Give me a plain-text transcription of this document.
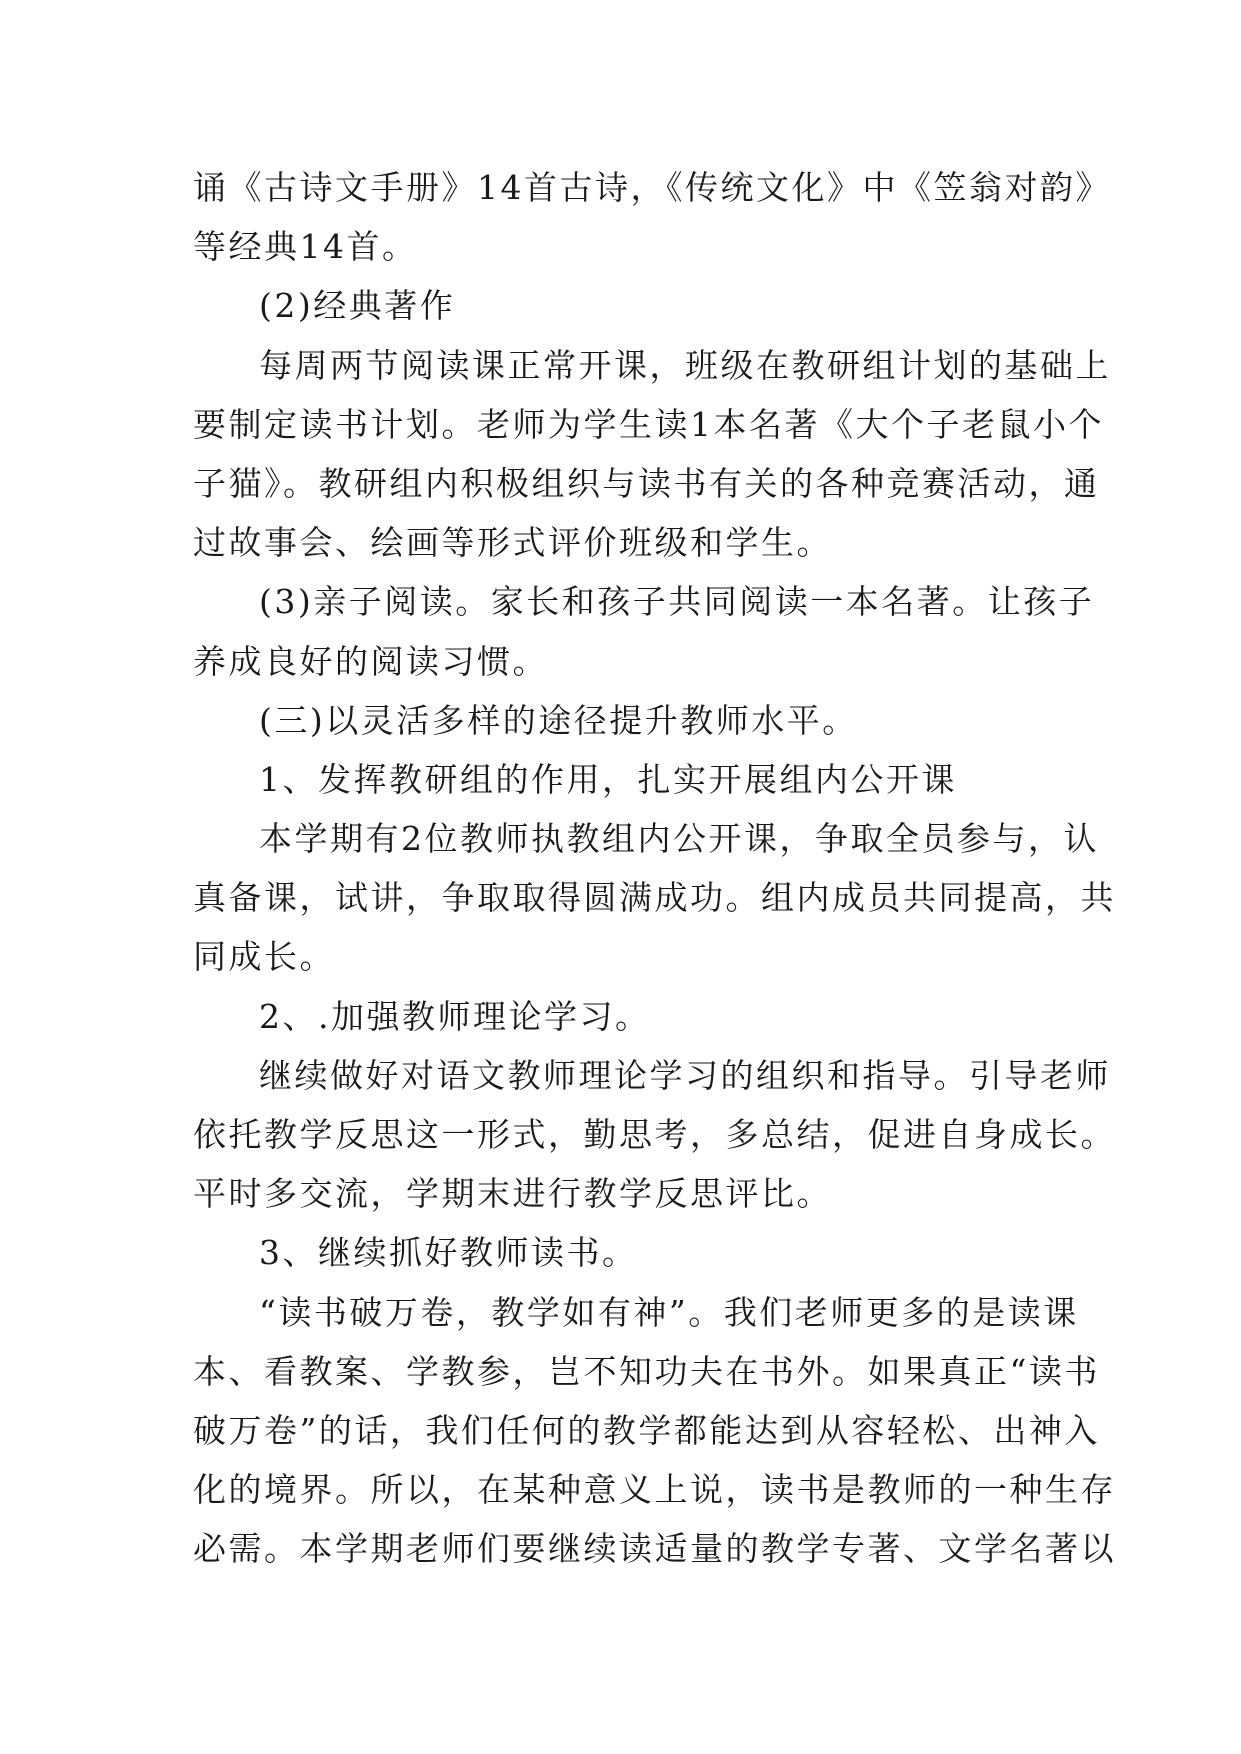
诵《古诗文手册》14首古诗，《传统文化》中《笠翁对韵》
等经典14首。
(2)经典著作
每周两节阅读课正常开课，班级在教研组计划的基础上
要制定读书计划。老师为学生读1本名著《大个子老鼠小个
子猫》。教研组内积极组织与读书有关的各种竞赛活动，通
过故事会、绘画等形式评价班级和学生。
(3)亲子阅读。家长和孩子共同阅读一本名著。让孩子
养成良好的阅读习惯。
(三)以灵活多样的途径提升教师水平。
1、发挥教研组的作用，扎实开展组内公开课
本学期有2位教师执教组内公开课，争取全员参与，认
真备课，试讲，争取取得圆满成功。组内成员共同提高，共
同成长。
2、.加强教师理论学习。
继续做好对语文教师理论学习的组织和指导。引导老师
依托教学反思这一形式，勤思考，多总结，促进自身成长。
平时多交流，学期末进行教学反思评比。
3、继续抓好教师读书。
“读书破万卷，教学如有神”。我们老师更多的是读课
本、看教案、学教参，岂不知功夫在书外。如果真正“读书
破万卷”的话，我们任何的教学都能达到从容轻松、出神入
化的境界。所以，在某种意义上说，读书是教师的一种生存
必需。本学期老师们要继续读适量的教学专著、文学名著以
